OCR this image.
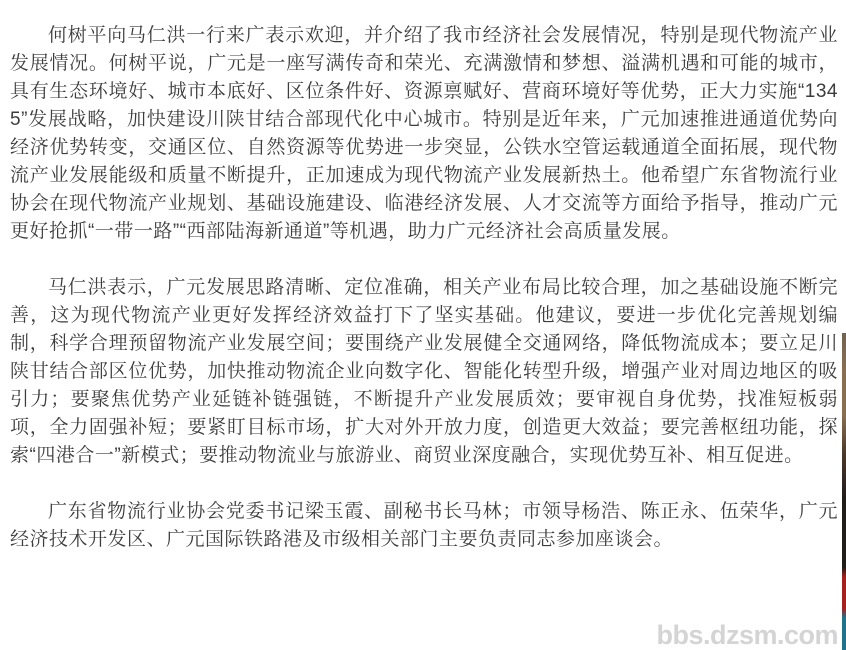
何树平向马仁洪一行来广表示欢迎，并介绍了我市经济社会发展情况，特别是现代物流产业发展情况。何树平说，广元是一座写满传奇和荣光、充满激情和梦想、溢满机遇和可能的城市，具有生态环境好、城市本底好、区位条件好、资源禀赋好、营商环境好等优势，正大力实施“1345”发展战略，加快建设川陕甘结合部现代化中心城市。特别是近年来，广元加速推进通道优势向经济优势转变，交通区位、自然资源等优势进一步突显，公铁水空管运载通道全面拓展，现代物流产业发展能级和质量不断提升，正加速成为现代物流产业发展新热土。他希望广东省物流行业协会在现代物流产业规划、基础设施建设、临港经济发展、人才交流等方面给予指导，推动广元更好抢抓“一带一路”“西部陆海新通道”等机遇，助力广元经济社会高质量发展。

马仁洪表示，广元发展思路清晰、定位准确，相关产业布局比较合理，加之基础设施不断完善，这为现代物流产业更好发挥经济效益打下了坚实基础。他建议，要进一步优化完善规划编制，科学合理预留物流产业发展空间；要围绕产业发展健全交通网络，降低物流成本；要立足川陕甘结合部区位优势，加快推动物流企业向数字化、智能化转型升级，增强产业对周边地区的吸引力；要聚焦优势产业延链补链强链，不断提升产业发展质效；要审视自身优势，找准短板弱项，全力固强补短；要紧盯目标市场，扩大对外开放力度，创造更大效益；要完善枢纽功能，探索“四港合一”新模式；要推动物流业与旅游业、商贸业深度融合，实现优势互补、相互促进。

广东省物流行业协会党委书记梁玉霞、副秘书长马林；市领导杨浩、陈正永、伍荣华，广元经济技术开发区、广元国际铁路港及市级相关部门主要负责同志参加座谈会。

bbs.dzsm.com
